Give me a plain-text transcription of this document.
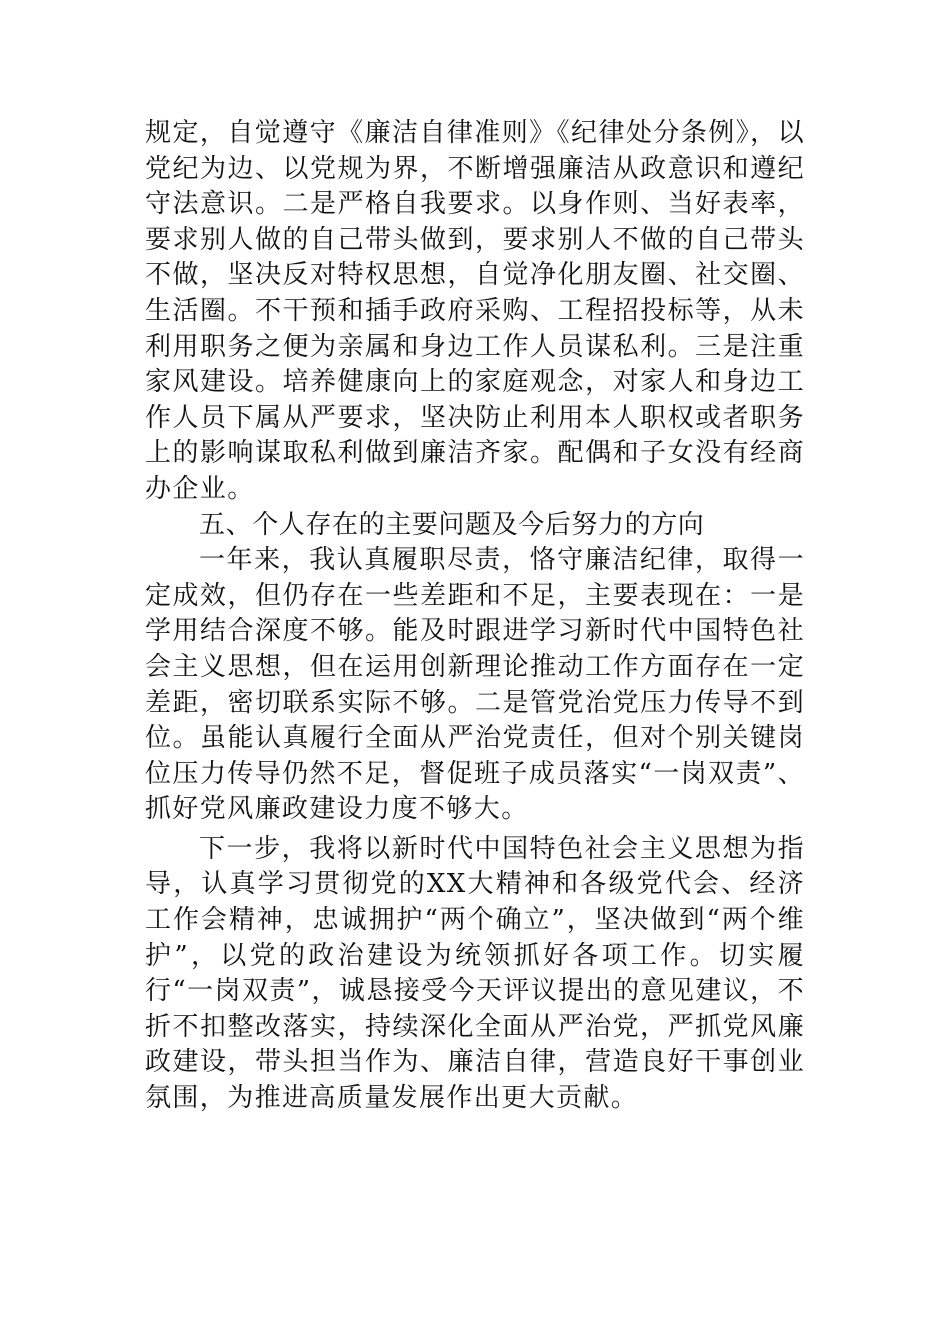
规定，自觉遵守《廉洁自律准则》《纪律处分条例》，以党纪为边、以党规为界，不断增强廉洁从政意识和遵纪守法意识。二是严格自我要求。以身作则、当好表率，要求别人做的自己带头做到，要求别人不做的自己带头不做，坚决反对特权思想，自觉净化朋友圈、社交圈、生活圈。不干预和插手政府采购、工程招投标等，从未利用职务之便为亲属和身边工作人员谋私利。三是注重家风建设。培养健康向上的家庭观念，对家人和身边工作人员下属从严要求，坚决防止利用本人职权或者职务上的影响谋取私利做到廉洁齐家。配偶和子女没有经商办企业。

五、个人存在的主要问题及今后努力的方向

一年来，我认真履职尽责，恪守廉洁纪律，取得一定成效，但仍存在一些差距和不足，主要表现在：一是学用结合深度不够。能及时跟进学习新时代中国特色社会主义思想，但在运用创新理论推动工作方面存在一定差距，密切联系实际不够。二是管党治党压力传导不到位。虽能认真履行全面从严治党责任，但对个别关键岗位压力传导仍然不足，督促班子成员落实“一岗双责”、抓好党风廉政建设力度不够大。

下一步，我将以新时代中国特色社会主义思想为指导，认真学习贯彻党的XX大精神和各级党代会、经济工作会精神，忠诚拥护“两个确立”，坚决做到“两个维护”，以党的政治建设为统领抓好各项工作。切实履行“一岗双责”，诚恳接受今天评议提出的意见建议，不折不扣整改落实，持续深化全面从严治党，严抓党风廉政建设，带头担当作为、廉洁自律，营造良好干事创业氛围，为推进高质量发展作出更大贡献。
